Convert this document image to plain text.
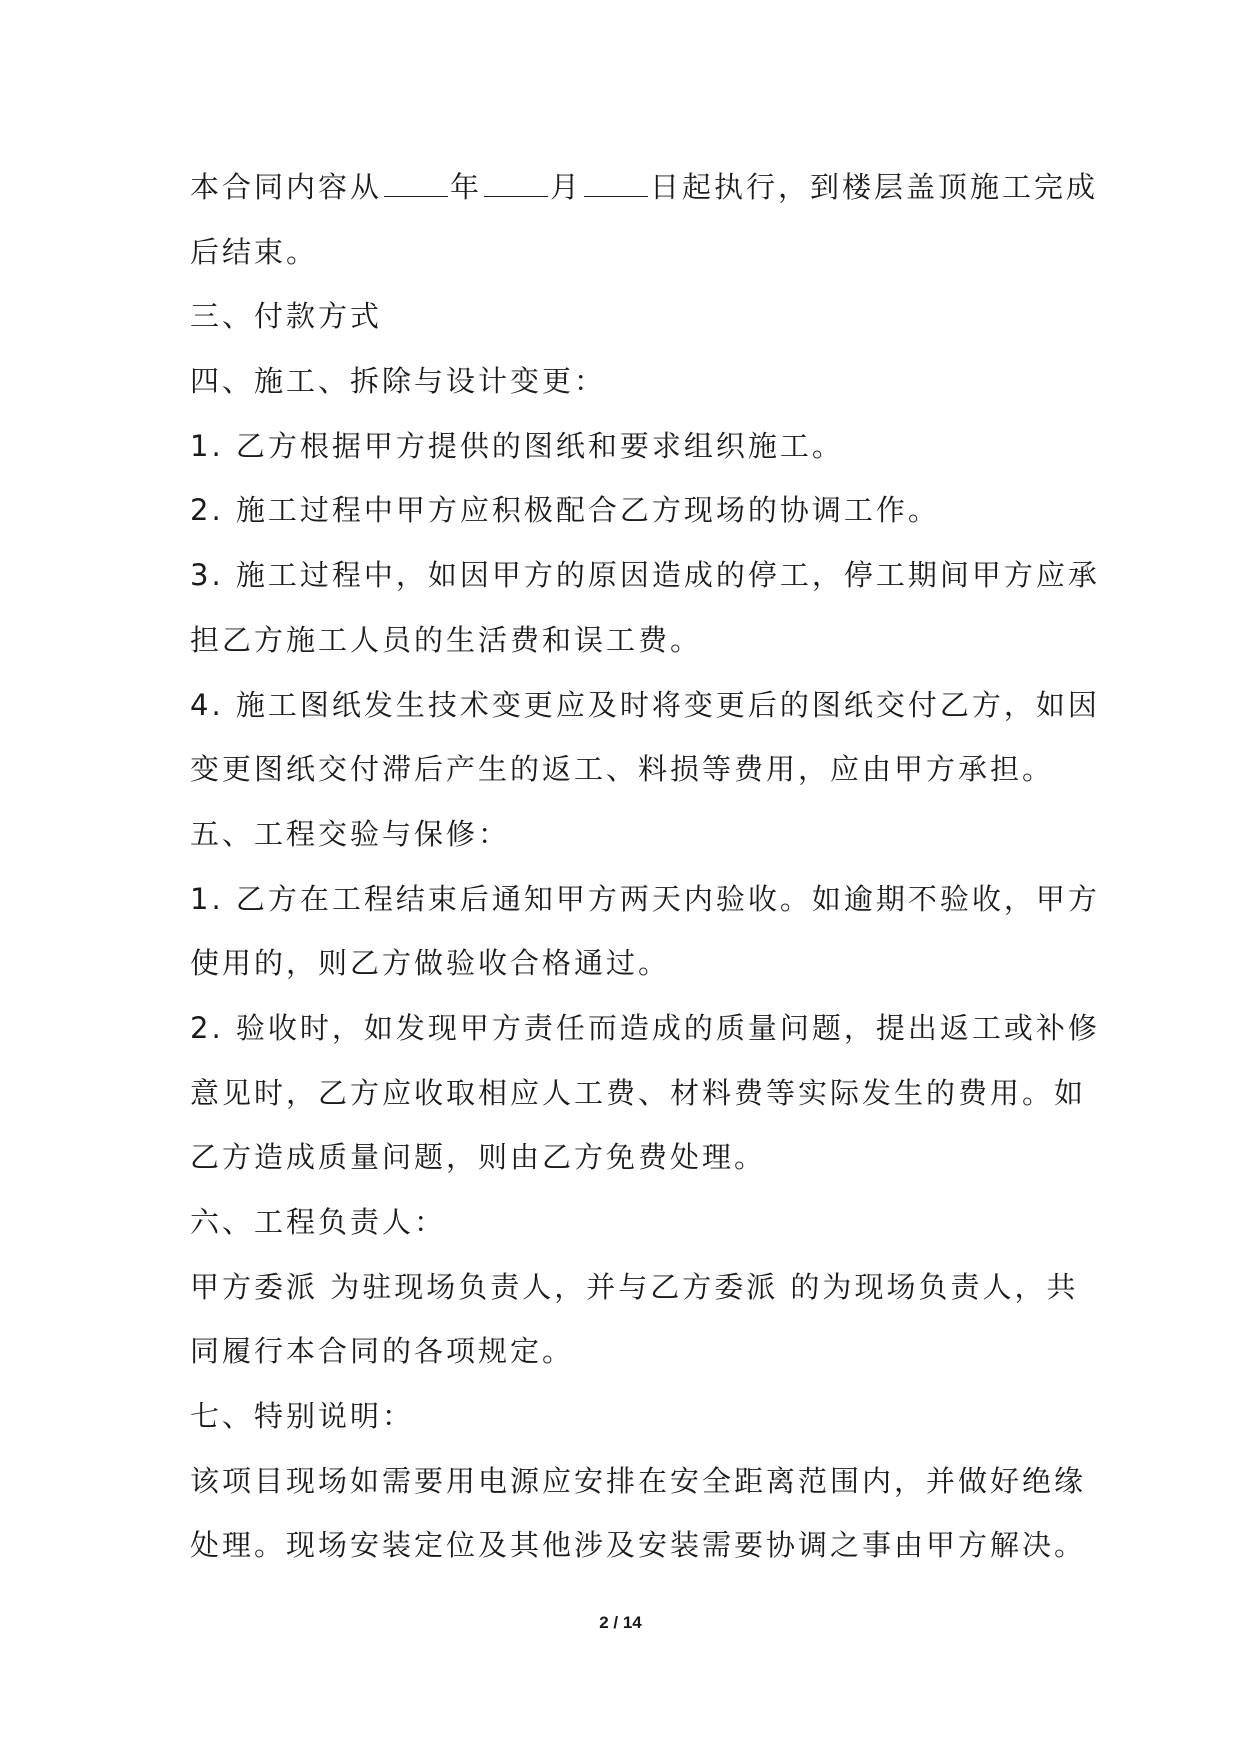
本合同内容从 年 月 日起执行，到楼层盖顶施工完成
后结束。
三、付款方式
四、施工、拆除与设计变更：
1. 乙方根据甲方提供的图纸和要求组织施工。
2. 施工过程中甲方应积极配合乙方现场的协调工作。
3. 施工过程中，如因甲方的原因造成的停工，停工期间甲方应承
担乙方施工人员的生活费和误工费。
4. 施工图纸发生技术变更应及时将变更后的图纸交付乙方，如因
变更图纸交付滞后产生的返工、料损等费用，应由甲方承担。
五、工程交验与保修：
1. 乙方在工程结束后通知甲方两天内验收。如逾期不验收，甲方
使用的，则乙方做验收合格通过。
2. 验收时，如发现甲方责任而造成的质量问题，提出返工或补修
意见时，乙方应收取相应人工费、材料费等实际发生的费用。如
乙方造成质量问题，则由乙方免费处理。
六、工程负责人：
甲方委派 为驻现场负责人，并与乙方委派 的为现场负责人，共
同履行本合同的各项规定。
七、特别说明：
该项目现场如需要用电源应安排在安全距离范围内，并做好绝缘
处理。现场安装定位及其他涉及安装需要协调之事由甲方解决。
2 / 14
